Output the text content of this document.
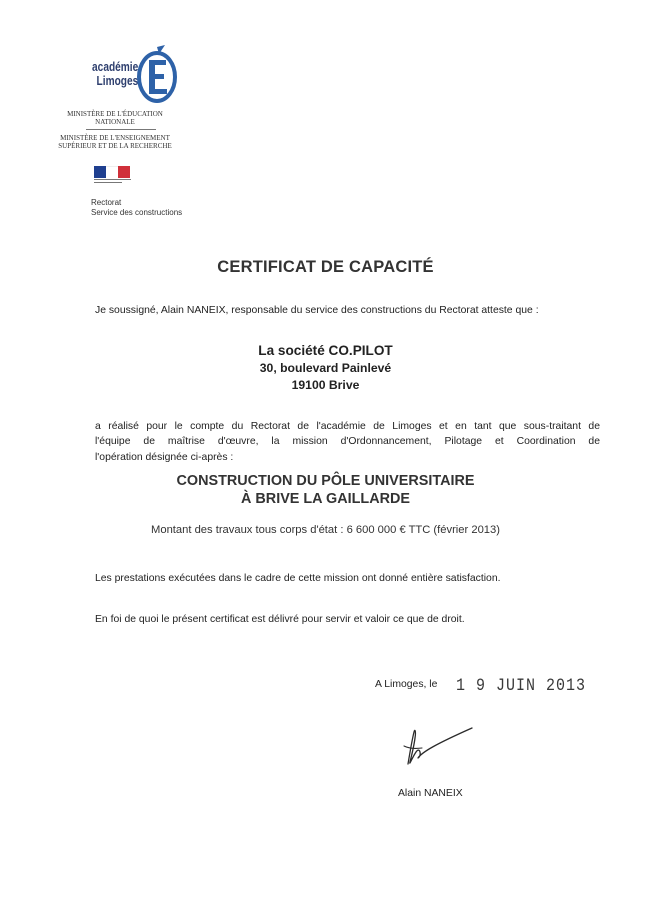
académie
Limoges
MINISTÈRE DE L'ÉDUCATION NATIONALE
MINISTÈRE DE L'ENSEIGNEMENT SUPÉRIEUR ET DE LA RECHERCHE
Rectorat
Service des constructions
CERTIFICAT DE CAPACITÉ
Je soussigné, Alain NANEIX, responsable du service des constructions du Rectorat atteste que :
La société CO.PILOT
30, boulevard Painlevé
19100 Brive
a réalisé pour le compte du Rectorat de l'académie de Limoges et en tant que sous-traitant de
l'équipe de maîtrise d'œuvre, la mission d'Ordonnancement, Pilotage et Coordination de
l'opération désignée ci-après :
CONSTRUCTION DU PÔLE UNIVERSITAIRE
À BRIVE LA GAILLARDE
Montant des travaux tous corps d'état : 6 600 000 € TTC (février 2013)
Les prestations exécutées dans le cadre de cette mission ont donné entière satisfaction.
En foi de quoi le présent certificat est délivré pour servir et valoir ce que de droit.
A Limoges, le 1 9 JUIN 2013
Alain NANEIX
